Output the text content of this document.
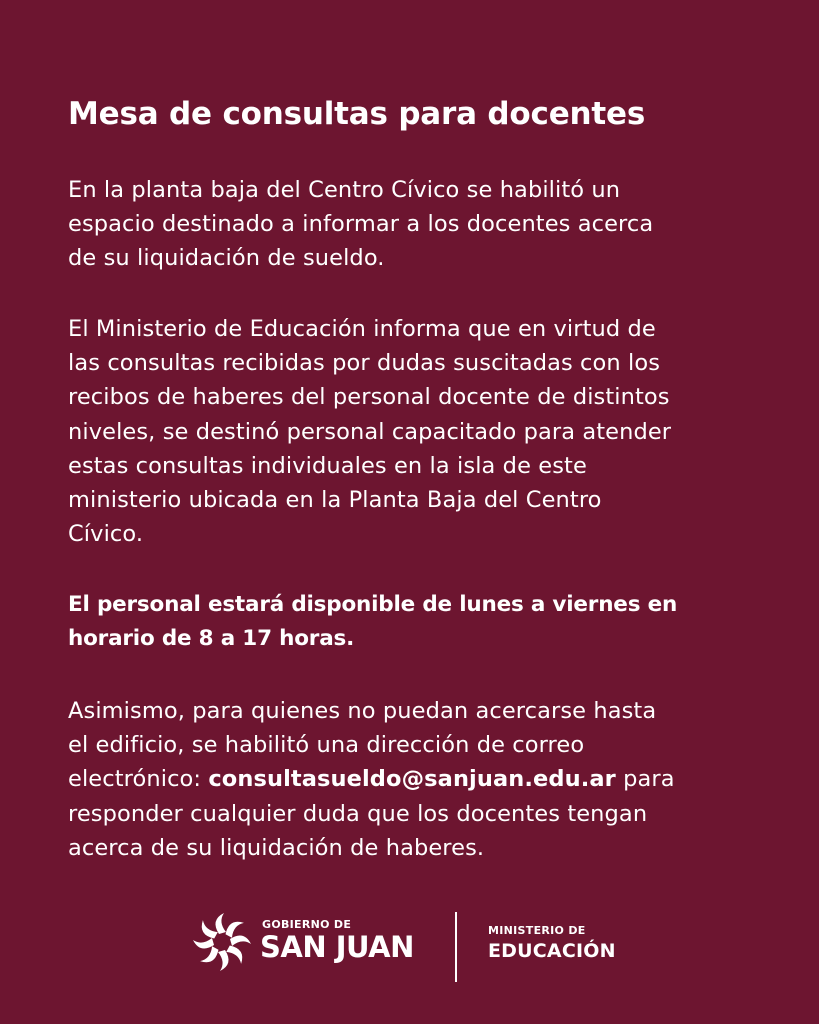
Mesa de consultas para docentes

En la planta baja del Centro Cívico se habilitó un
espacio destinado a informar a los docentes acerca
de su liquidación de sueldo.

El Ministerio de Educación informa que en virtud de
las consultas recibidas por dudas suscitadas con los
recibos de haberes del personal docente de distintos
niveles, se destinó personal capacitado para atender
estas consultas individuales en la isla de este
ministerio ubicada en la Planta Baja del Centro
Cívico.

El personal estará disponible de lunes a viernes en
horario de 8 a 17 horas.

Asimismo, para quienes no puedan acercarse hasta
el edificio, se habilitó una dirección de correo
electrónico: consultasueldo@sanjuan.edu.ar para
responder cualquier duda que los docentes tengan
acerca de su liquidación de haberes.

GOBIERNO DE
SAN JUAN	MINISTERIO DE
EDUCACIÓN
